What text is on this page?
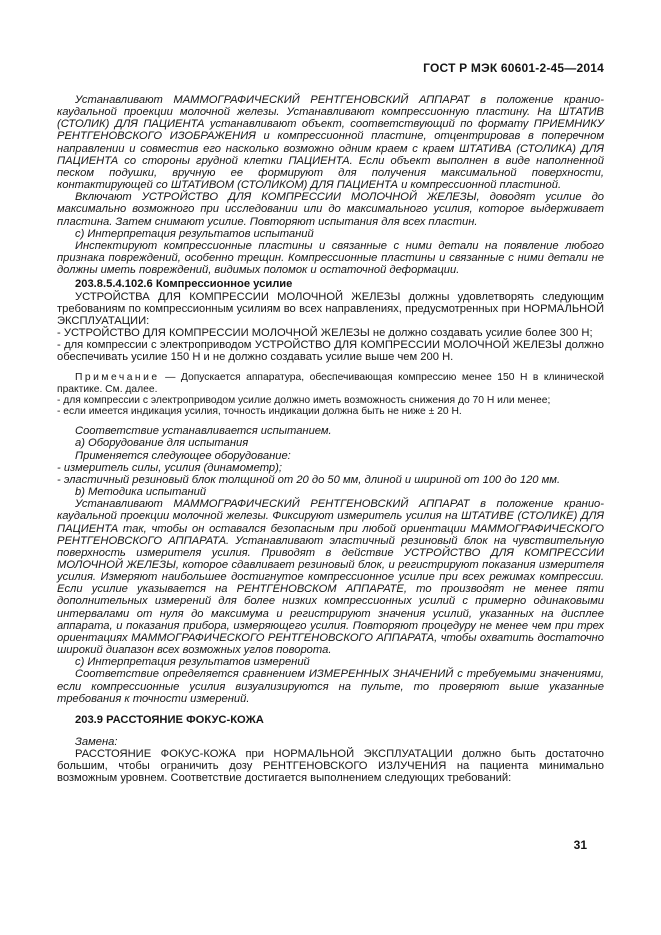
ГОСТ Р МЭК 60601-2-45—2014

Устанавливают МАММОГРАФИЧЕСКИЙ РЕНТГЕНОВСКИЙ АППАРАТ в положение кранио-каудальной проекции молочной железы. Устанавливают компрессионную пластину. На ШТАТИВ (СТОЛИК) ДЛЯ ПАЦИЕНТА устанавливают объект, соответствующий по формату ПРИЕМНИКУ РЕНТГЕНОВСКОГО ИЗОБРАЖЕНИЯ и компрессионной пластине, отцентрировав в поперечном направлении и совместив его насколько возможно одним краем с краем ШТАТИВА (СТОЛИКА) ДЛЯ ПАЦИЕНТА со стороны грудной клетки ПАЦИЕНТА. Если объект выполнен в виде наполненной песком подушки, вручную ее формируют для получения максимальной поверхности, контактирующей со ШТАТИВОМ (СТОЛИКОМ) ДЛЯ ПАЦИЕНТА и компрессионной пластиной.

Включают УСТРОЙСТВО ДЛЯ КОМПРЕССИИ МОЛОЧНОЙ ЖЕЛЕЗЫ, доводят усилие до максимально возможного при исследовании или до максимального усилия, которое выдерживает пластина. Затем снимают усилие. Повторяют испытания для всех пластин.

c) Интерпретация результатов испытаний

Инспектируют компрессионные пластины и связанные с ними детали на появление любого признака повреждений, особенно трещин. Компрессионные пластины и связанные с ними детали не должны иметь повреждений, видимых поломок и остаточной деформации.

203.8.5.4.102.6 Компрессионное усилие

УСТРОЙСТВА ДЛЯ КОМПРЕССИИ МОЛОЧНОЙ ЖЕЛЕЗЫ должны удовлетворять следующим требованиям по компрессионным усилиям во всех направлениях, предусмотренных при НОРМАЛЬНОЙ ЭКСПЛУАТАЦИИ:

- УСТРОЙСТВО ДЛЯ КОМПРЕССИИ МОЛОЧНОЙ ЖЕЛЕЗЫ не должно создавать усилие более 300 Н;

- для компрессии с электроприводом УСТРОЙСТВО ДЛЯ КОМПРЕССИИ МОЛОЧНОЙ ЖЕЛЕЗЫ должно обеспечивать усилие 150 Н и не должно создавать усилие выше чем 200 Н.

Примечание — Допускается аппаратура, обеспечивающая компрессию менее 150 Н в клинической практике. См. далее.

- для компрессии с электроприводом усилие должно иметь возможность снижения до 70 Н или менее;

- если имеется индикация усилия, точность индикации должна быть не ниже ± 20 Н.

Соответствие устанавливается испытанием.

a) Оборудование для испытания

Применяется следующее оборудование:

- измеритель силы, усилия (динамометр);

- эластичный резиновый блок толщиной от 20 до 50 мм, длиной и шириной от 100 до 120 мм.

b) Методика испытаний

Устанавливают МАММОГРАФИЧЕСКИЙ РЕНТГЕНОВСКИЙ АППАРАТ в положение кранио-каудальной проекции молочной железы. Фиксируют измеритель усилия на ШТАТИВЕ (СТОЛИКЕ) ДЛЯ ПАЦИЕНТА так, чтобы он оставался безопасным при любой ориентации МАММОГРАФИЧЕСКОГО РЕНТГЕНОВСКОГО АППАРАТА. Устанавливают эластичный резиновый блок на чувствительную поверхность измерителя усилия. Приводят в действие УСТРОЙСТВО ДЛЯ КОМПРЕССИИ МОЛОЧНОЙ ЖЕЛЕЗЫ, которое сдавливает резиновый блок, и регистрируют показания измерителя усилия. Измеряют наибольшее достигнутое компрессионное усилие при всех режимах компрессии. Если усилие указывается на РЕНТГЕНОВСКОМ АППАРАТЕ, то производят не менее пяти дополнительных измерений для более низких компрессионных усилий с примерно одинаковыми интервалами от нуля до максимума и регистрируют значения усилий, указанных на дисплее аппарата, и показания прибора, измеряющего усилия. Повторяют процедуру не менее чем при трех ориентациях МАММОГРАФИЧЕСКОГО РЕНТГЕНОВСКОГО АППАРАТА, чтобы охватить достаточно широкий диапазон всех возможных углов поворота.

c) Интерпретация результатов измерений

Соответствие определяется сравнением ИЗМЕРЕННЫХ ЗНАЧЕНИЙ с требуемыми значениями, если компрессионные усилия визуализируются на пульте, то проверяют выше указанные требования к точности измерений.

203.9 РАССТОЯНИЕ ФОКУС-КОЖА

Замена:

РАССТОЯНИЕ ФОКУС-КОЖА при НОРМАЛЬНОЙ ЭКСПЛУАТАЦИИ должно быть достаточно большим, чтобы ограничить дозу РЕНТГЕНОВСКОГО ИЗЛУЧЕНИЯ на пациента минимально возможным уровнем. Соответствие достигается выполнением следующих требований:

31
